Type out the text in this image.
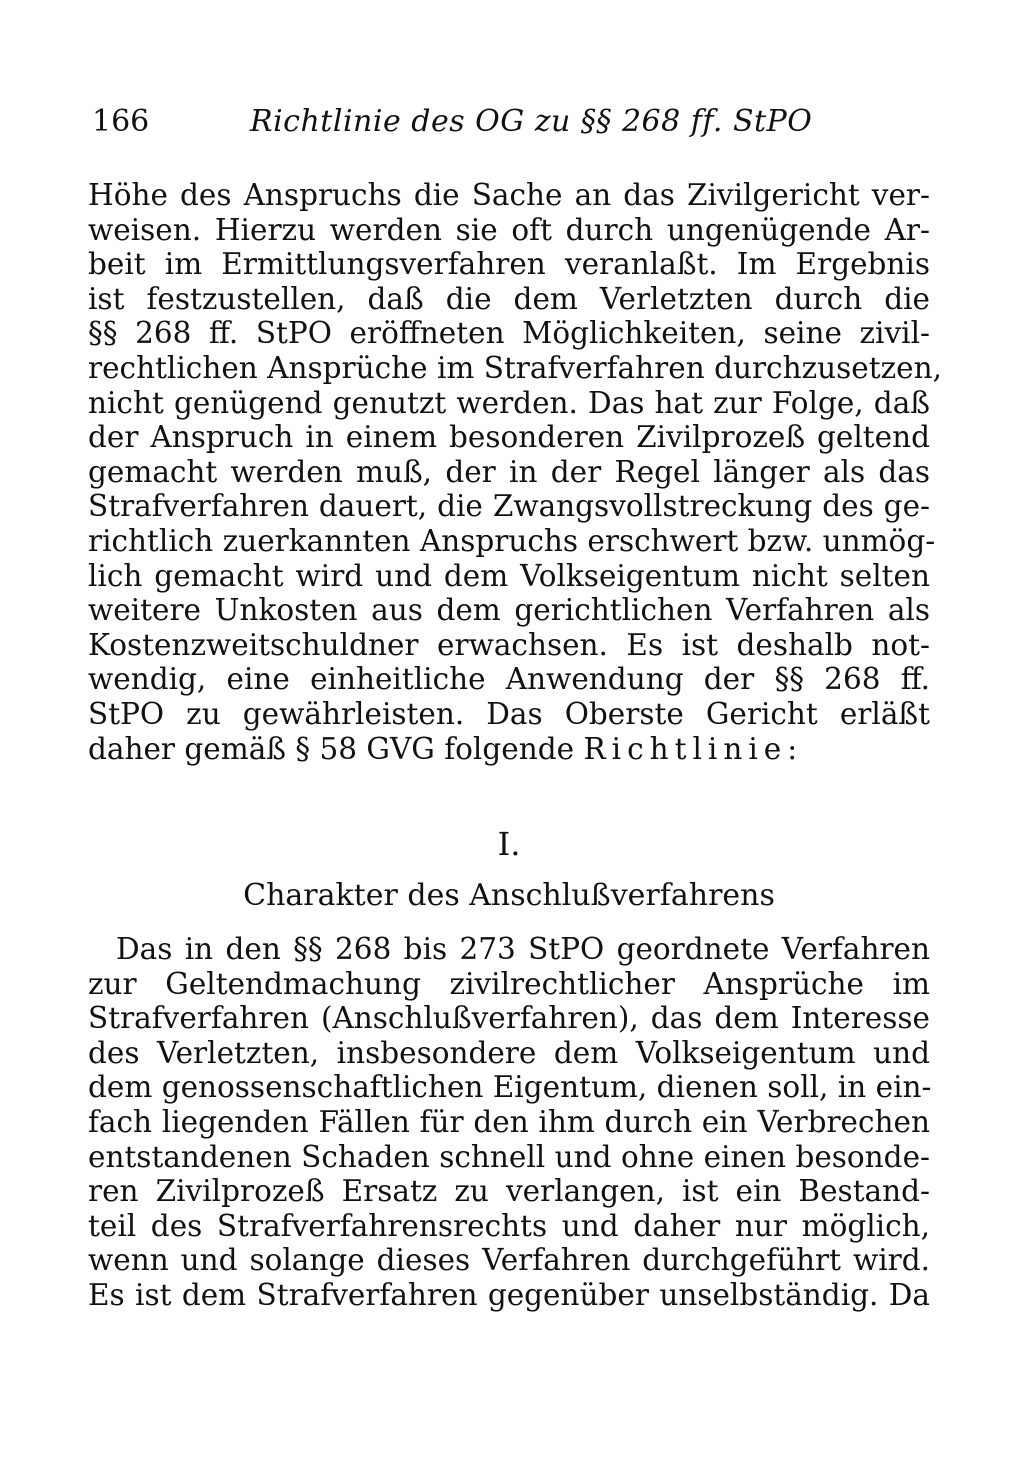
166	Richtlinie des OG zu §§ 268 ff. StPO
Höhe des Anspruchs die Sache an das Zivilgericht ver-
weisen. Hierzu werden sie oft durch ungenügende Ar-
beit im Ermittlungsverfahren veranlaßt. Im Ergebnis
ist festzustellen, daß die dem Verletzten durch die
§§ 268 ff. StPO eröffneten Möglichkeiten, seine zivil-
rechtlichen Ansprüche im Strafverfahren durchzusetzen,
nicht genügend genutzt werden. Das hat zur Folge, daß
der Anspruch in einem besonderen Zivilprozeß geltend
gemacht werden muß, der in der Regel länger als das
Strafverfahren dauert, die Zwangsvollstreckung des ge-
richtlich zuerkannten Anspruchs erschwert bzw. unmög-
lich gemacht wird und dem Volkseigentum nicht selten
weitere Unkosten aus dem gerichtlichen Verfahren als
Kostenzweitschuldner erwachsen. Es ist deshalb not-
wendig, eine einheitliche Anwendung der §§ 268 ff.
StPO zu gewährleisten. Das Oberste Gericht erläßt
daher gemäß § 58 GVG folgende Richtlinie:
I.
Charakter des Anschlußverfahrens
Das in den §§ 268 bis 273 StPO geordnete Verfahren
zur Geltendmachung zivilrechtlicher Ansprüche im
Strafverfahren (Anschlußverfahren), das dem Interesse
des Verletzten, insbesondere dem Volkseigentum und
dem genossenschaftlichen Eigentum, dienen soll, in ein-
fach liegenden Fällen für den ihm durch ein Verbrechen
entstandenen Schaden schnell und ohne einen besonde-
ren Zivilprozeß Ersatz zu verlangen, ist ein Bestand-
teil des Strafverfahrensrechts und daher nur möglich,
wenn und solange dieses Verfahren durchgeführt wird.
Es ist dem Strafverfahren gegenüber unselbständig. Da
